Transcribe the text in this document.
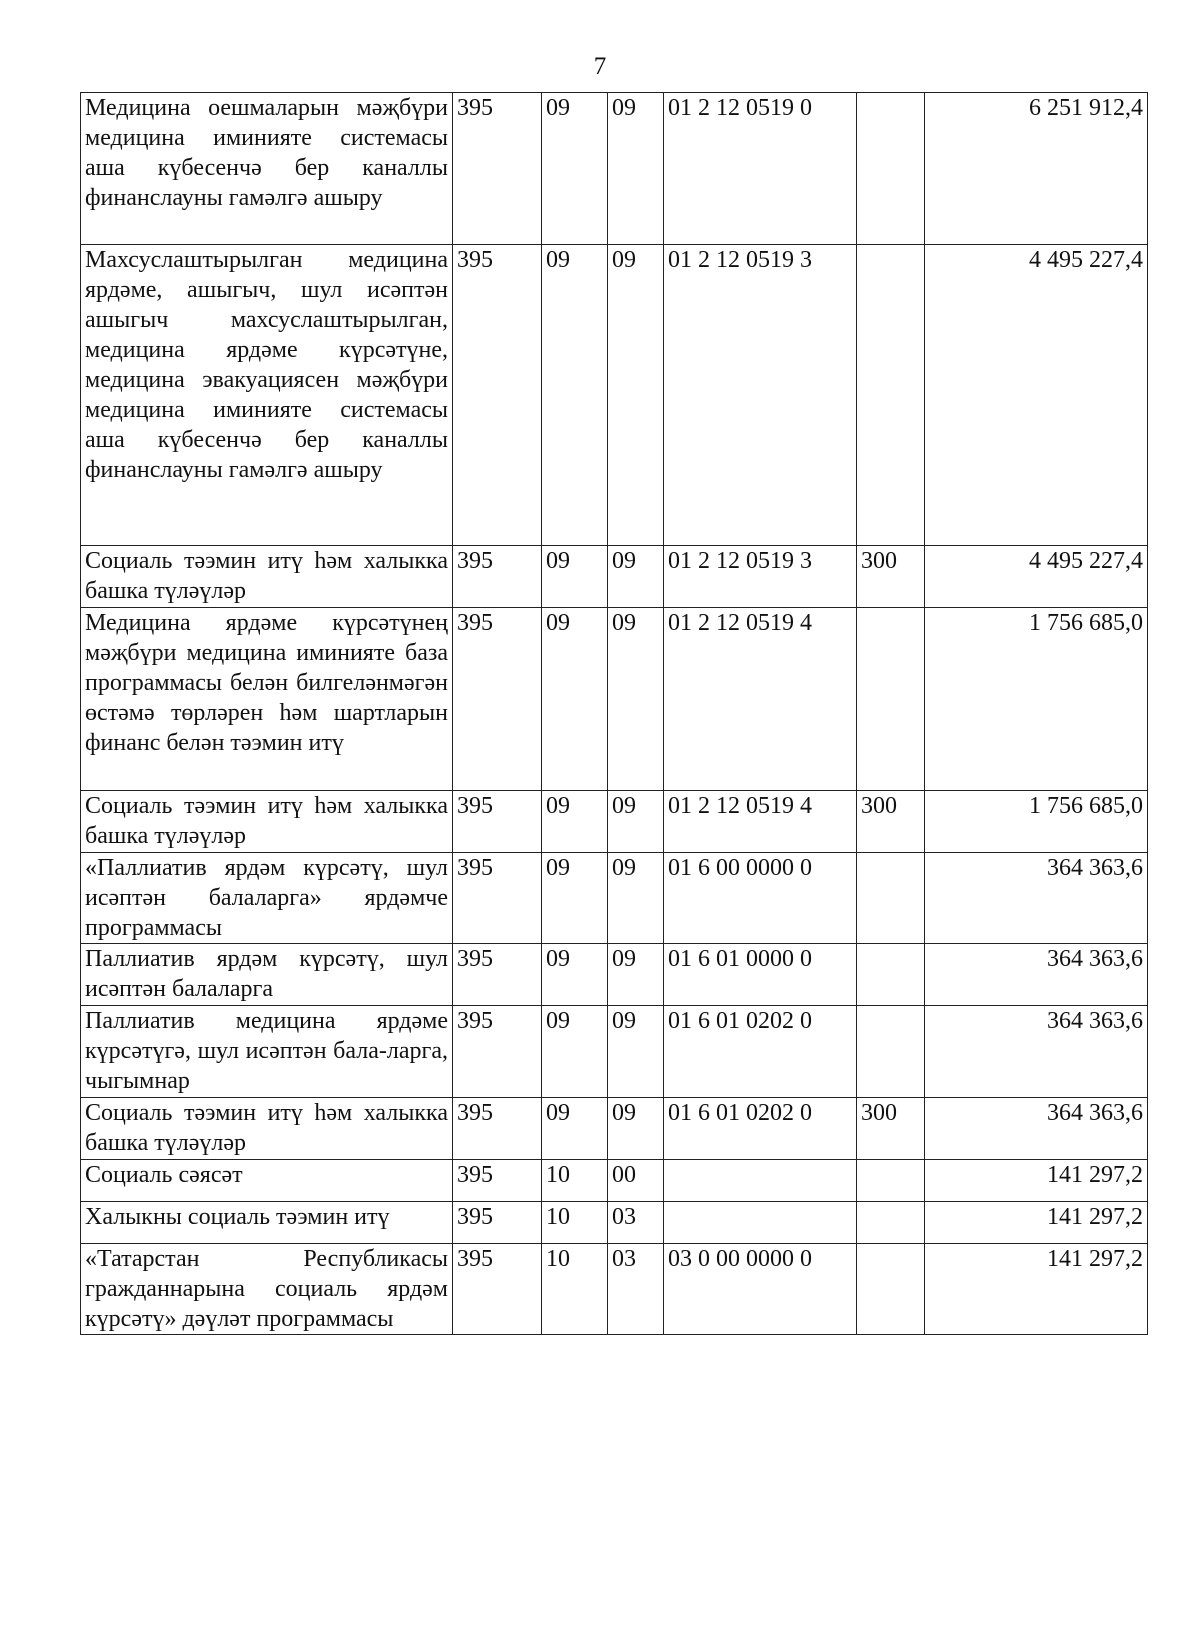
7
Медицина оешмаларын мәҗбүри медицина иминияте системасы аша күбесенчә бер каналлы финанслауны гамәлгә ашыру	395	09	09	01 2 12 0519 0		6 251 912,4
Махсуслаштырылган медицина ярдәме, ашыгыч, шул исәптән ашыгыч махсуслаштырылган, медицина ярдәме күрсәтүне, медицина эвакуациясен мәҗбүри медицина иминияте системасы аша күбесенчә бер каналлы финанслауны гамәлгә ашыру	395	09	09	01 2 12 0519 3		4 495 227,4
Социаль тәэмин итү һәм халыкка башка түләүләр	395	09	09	01 2 12 0519 3	300	4 495 227,4
Медицина ярдәме күрсәтүнең мәҗбүри медицина иминияте база программасы белән билгеләнмәгән өстәмә төрләрен һәм шартларын финанс белән тәэмин итү	395	09	09	01 2 12 0519 4		1 756 685,0
Социаль тәэмин итү һәм халыкка башка түләүләр	395	09	09	01 2 12 0519 4	300	1 756 685,0
«Паллиатив ярдәм күрсәтү, шул исәптән балаларга» ярдәмче программасы	395	09	09	01 6 00 0000 0		364 363,6
Паллиатив ярдәм күрсәтү, шул исәптән балаларга	395	09	09	01 6 01 0000 0		364 363,6
Паллиатив медицина ярдәме күрсәтүгә, шул исәптән бала-ларга, чыгымнар	395	09	09	01 6 01 0202 0		364 363,6
Социаль тәэмин итү һәм халыкка башка түләүләр	395	09	09	01 6 01 0202 0	300	364 363,6
Социаль сәясәт	395	10	00			141 297,2
Халыкны социаль тәэмин итү	395	10	03			141 297,2
«Татарстан Республикасы гражданнарына социаль ярдәм күрсәтү» дәүләт программасы	395	10	03	03 0 00 0000 0		141 297,2
